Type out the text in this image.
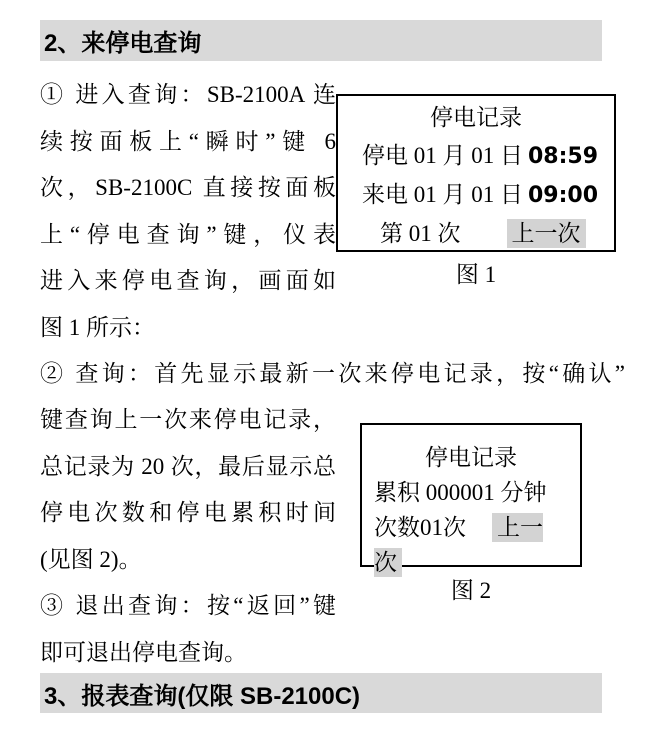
2、来停电查询
① 进入查询：SB-2100A 连
续按面板上“瞬时”键 6
次，SB-2100C 直接按面板
上“停电查询”键，仪表
进入来停电查询，画面如
图 1 所示：
停电记录
停电 01 月 01 日 08:59
来电 01 月 01 日 09:00
第 01 次 上一次
图 1
② 查询：首先显示最新一次来停电记录，按“确认”
键查询上一次来停电记录，
总记录为 20 次，最后显示总
停电次数和停电累积时间
(见图 2)。
③ 退出查询：按“返回”键
即可退出停电查询。
停电记录
累积 000001 分钟
次数01次 上一次
图 2
3、报表查询(仅限 SB-2100C)
